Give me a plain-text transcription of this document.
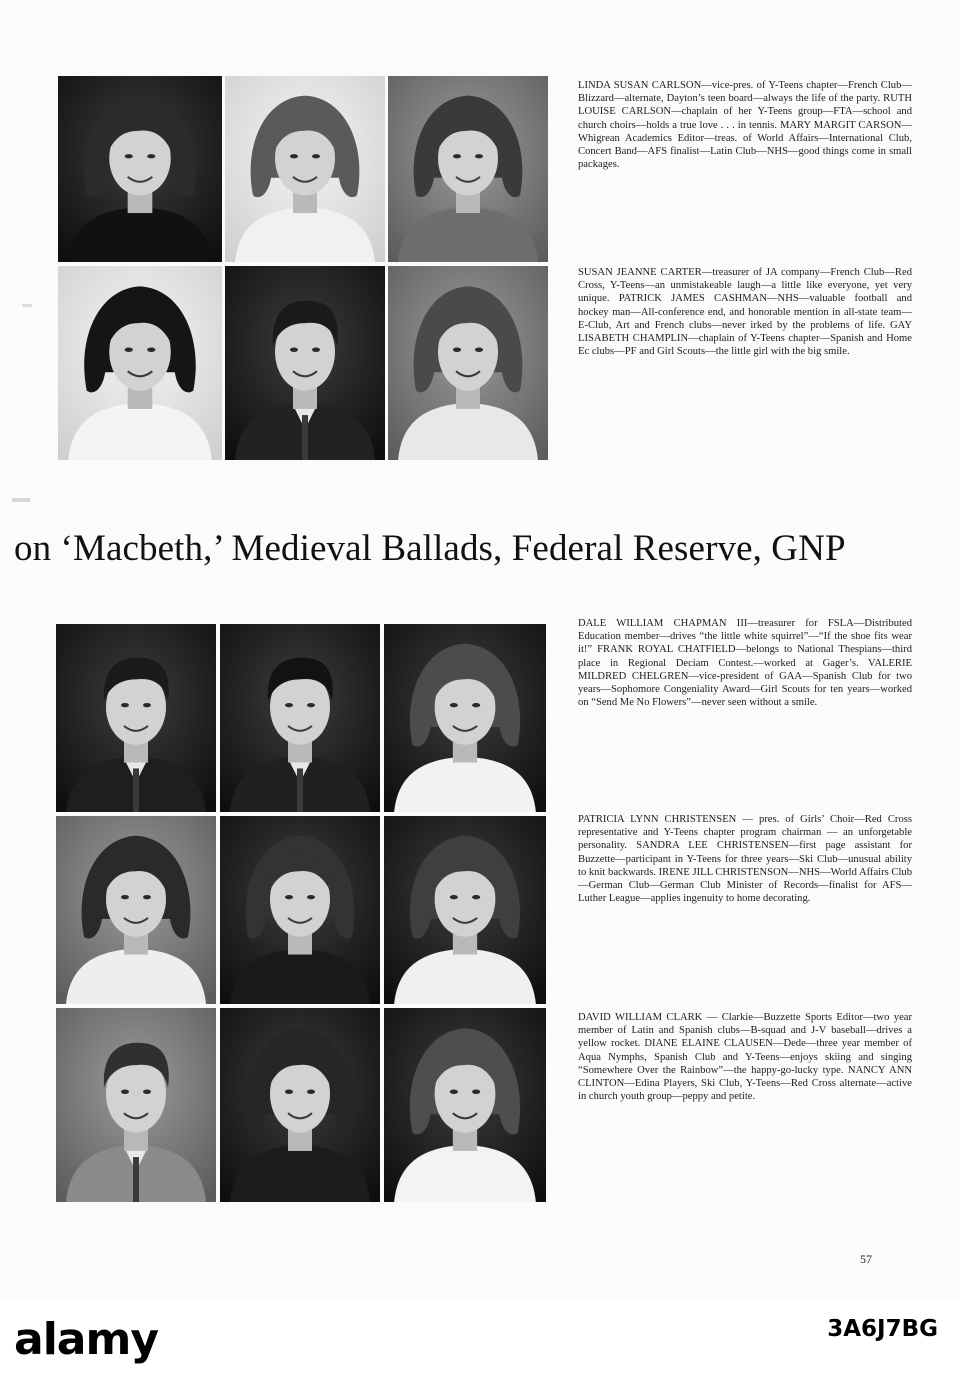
LINDA SUSAN CARLSON—vice-pres. of Y-Teens chapter—French Club—Blizzard—alternate, Dayton’s teen board—always the life of the party. RUTH LOUISE CARLSON—chaplain of her Y-Teens group—FTA—school and church choirs—holds a true love . . . in tennis. MARY MARGIT CARSON—Whigrean Academics Editor—treas. of World Affairs—International Club, Concert Band—AFS finalist—Latin Club—NHS—good things come in small packages.

SUSAN JEANNE CARTER—treasurer of JA company—French Club—Red Cross, Y-Teens—an unmistakeable laugh—a little like everyone, yet very unique. PATRICK JAMES CASHMAN—NHS—valuable football and hockey man—All-conference end, and honorable mention in all-state team—E-Club, Art and French clubs—never irked by the problems of life. GAY LISABETH CHAMPLIN—chaplain of Y-Teens chapter—Spanish and Home Ec clubs—PF and Girl Scouts—the little girl with the big smile.

on ‘Macbeth,’ Medieval Ballads, Federal Reserve, GNP

DALE WILLIAM CHAPMAN III—treasurer for FSLA—Distributed Education member—drives “the little white squirrel”—“If the shoe fits wear it!” FRANK ROYAL CHATFIELD—belongs to National Thespians—third place in Regional Deciam Contest.—worked at Gager’s. VALERIE MILDRED CHELGREN—vice-president of GAA—Spanish Club for two years—Sophomore Congeniality Award—Girl Scouts for ten years—worked on “Send Me No Flowers”—never seen without a smile.

PATRICIA LYNN CHRISTENSEN — pres. of Girls’ Choir—Red Cross representative and Y-Teens chapter program chairman — an unforgetable personality. SANDRA LEE CHRISTENSEN—first page assistant for Buzzette—participant in Y-Teens for three years—Ski Club—unusual ability to knit backwards. IRENE JILL CHRISTENSON—NHS—World Affairs Club—German Club—German Club Minister of Records—finalist for AFS—Luther League—applies ingenuity to home decorating.

DAVID WILLIAM CLARK — Clarkie—Buzzette Sports Editor—two year member of Latin and Spanish clubs—B-squad and J-V baseball—drives a yellow rocket. DIANE ELAINE CLAUSEN—Dede—three year member of Aqua Nymphs, Spanish Club and Y-Teens—enjoys skiing and singing “Somewhere Over the Rainbow”—the happy-go-lucky type. NANCY ANN CLINTON—Edina Players, Ski Club, Y-Teens—Red Cross alternate—active in church youth group—peppy and petite.

57
alamy	3A6J7BG
